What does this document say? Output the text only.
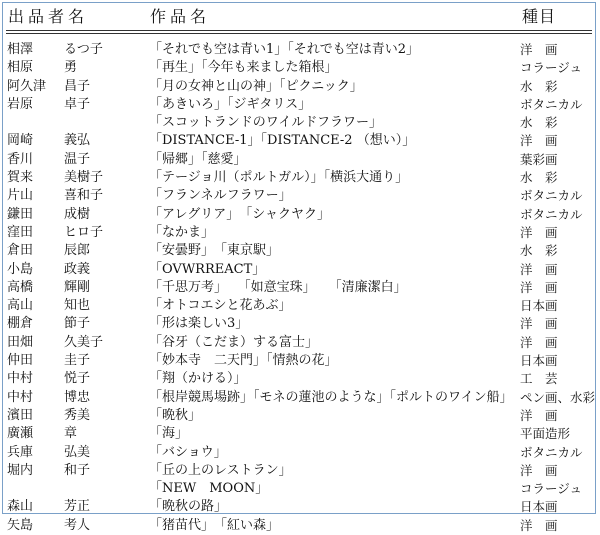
出品者名	作品名	種目
相澤	るつ子	「それでも空は青い1」「それでも空は青い2」	洋　画
相原	勇	「再生」「今年も来ました箱根」	コラージュ
阿久津	昌子	「月の女神と山の神」「ピクニック」	水　彩
岩原	卓子	「あきいろ」「ジギタリス」	ボタニカル
「スコットランドのワイルドフラワー」	水　彩
岡崎	義弘	「DISTANCE-1」「DISTANCE-2 （想い）」	洋　画
香川	温子	「帰郷」「慈愛」	葉彩画
賀来	美樹子	「テージョ川（ポルトガル）」「横浜大通り」	水　彩
片山	喜和子	「フランネルフラワー」	ボタニカル
鎌田	成樹	「アレグリア」　「シャクヤク」	ボタニカル
窪田	ヒロ子	「なかま」	洋　画
倉田	辰郎	「安曇野」　「東京駅」	水　彩
小島	政義	「OVWRREACT」	洋　画
高橋	輝剛	「千思万考」　 「如意宝珠」　　「清廉潔白」	洋　画
高山	知也	「オトコエシと花あぶ」	日本画
棚倉	節子	「形は楽しい3」	洋　画
田畑	久美子	「谷牙（こだま）する富士」	洋　画
仲田	圭子	「妙本寺　二天門」「情熱の花」	日本画
中村	悦子	「翔（かける）」	工　芸
中村	博忠	「根岸競馬場跡」「モネの蓮池のような」「ポルトのワイン船」 ペン画、水彩
濱田	秀美	「晩秋」	洋　画
廣瀬	章	「海」	平面造形
兵庫	弘美	「バショウ」	ボタニカル
堀内	和子	「丘の上のレストラン」	洋　画
「NEW　MOON」	コラージュ
森山	芳正	「晩秋の路」	日本画
矢島	考人	「猪苗代」　「紅い森」	洋　画
